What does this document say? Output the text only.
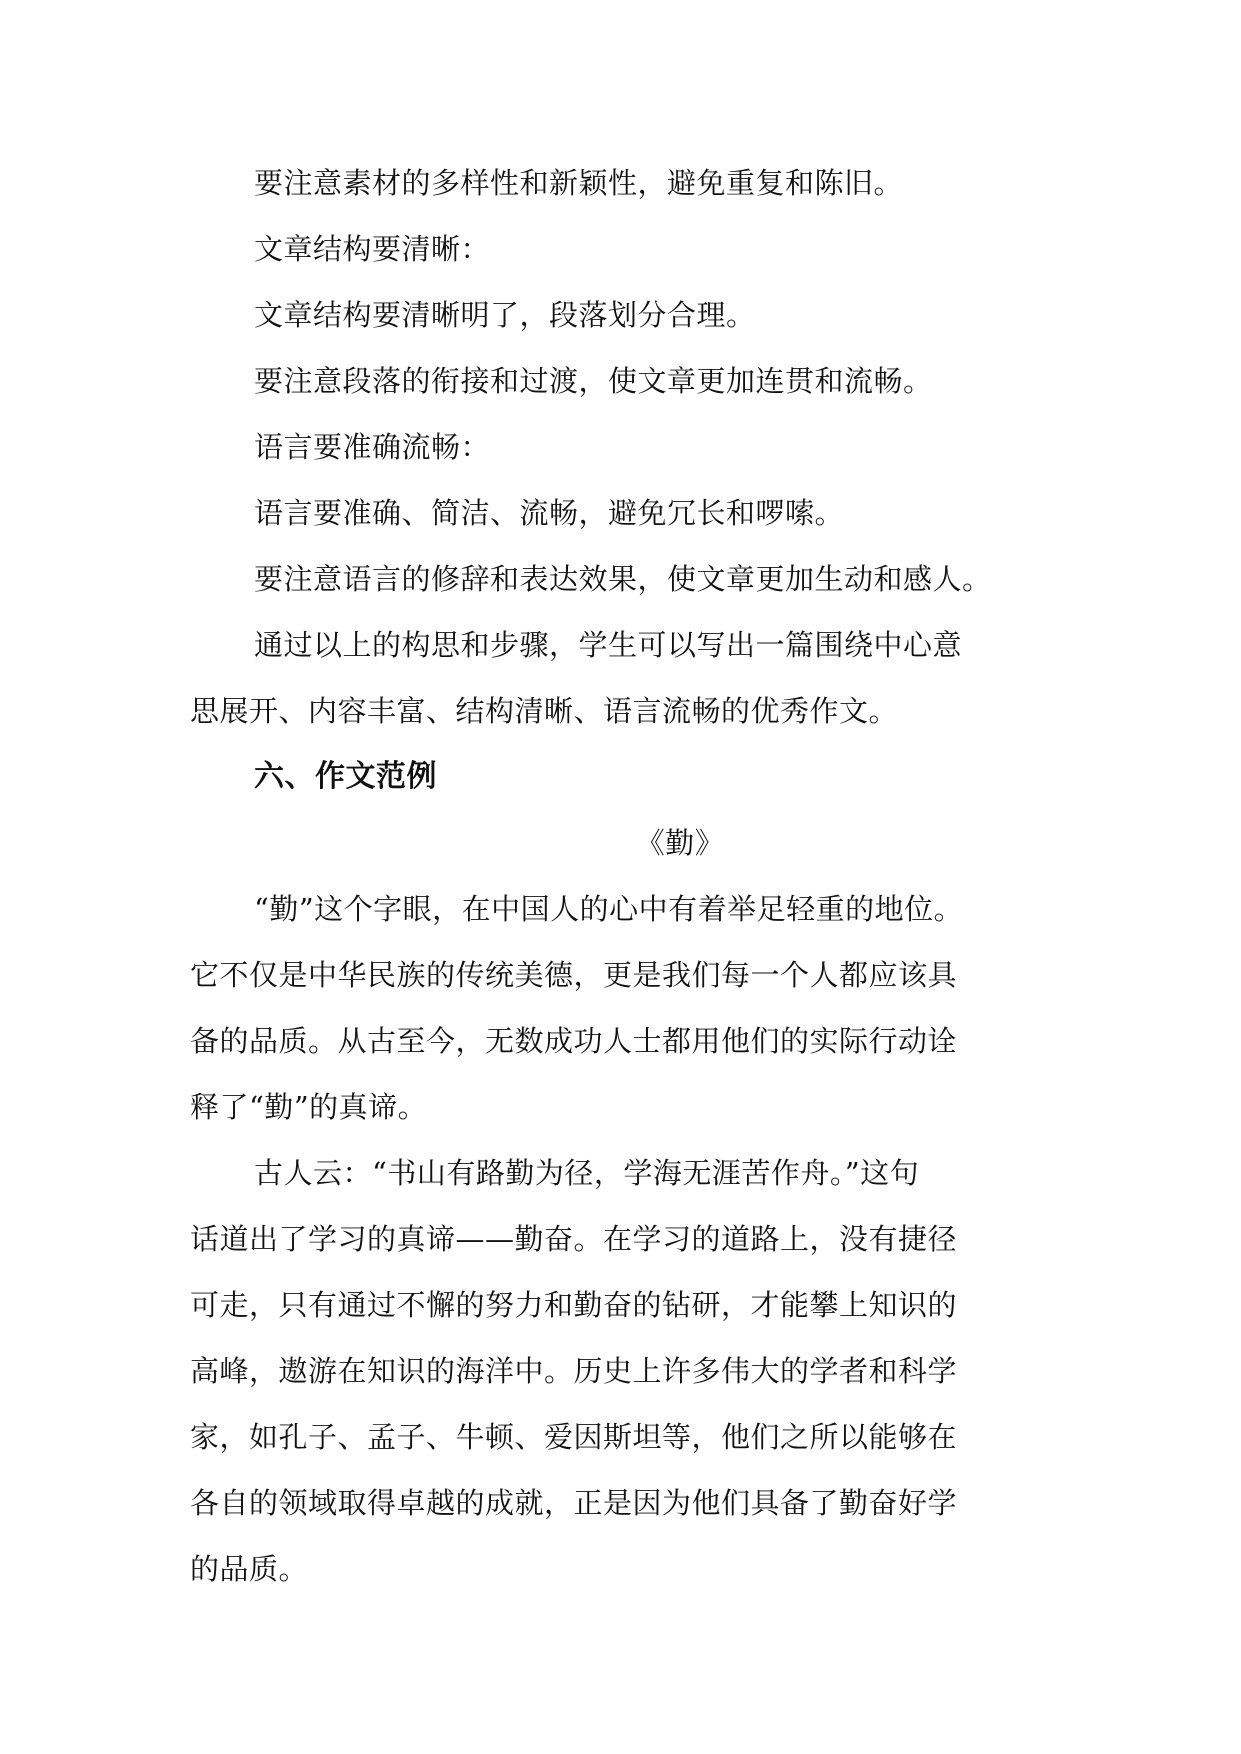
要注意素材的多样性和新颖性，避免重复和陈旧。
文章结构要清晰：
文章结构要清晰明了，段落划分合理。
要注意段落的衔接和过渡，使文章更加连贯和流畅。
语言要准确流畅：
语言要准确、简洁、流畅，避免冗长和啰嗦。
要注意语言的修辞和表达效果，使文章更加生动和感人。
通过以上的构思和步骤，学生可以写出一篇围绕中心意
思展开、内容丰富、结构清晰、语言流畅的优秀作文。
六、作文范例
《勤》
“勤”这个字眼，在中国人的心中有着举足轻重的地位。
它不仅是中华民族的传统美德，更是我们每一个人都应该具
备的品质。从古至今，无数成功人士都用他们的实际行动诠
释了“勤”的真谛。
古人云：“书山有路勤为径，学海无涯苦作舟。”这句
话道出了学习的真谛——勤奋。在学习的道路上，没有捷径
可走，只有通过不懈的努力和勤奋的钻研，才能攀上知识的
高峰，遨游在知识的海洋中。历史上许多伟大的学者和科学
家，如孔子、孟子、牛顿、爱因斯坦等，他们之所以能够在
各自的领域取得卓越的成就，正是因为他们具备了勤奋好学
的品质。
